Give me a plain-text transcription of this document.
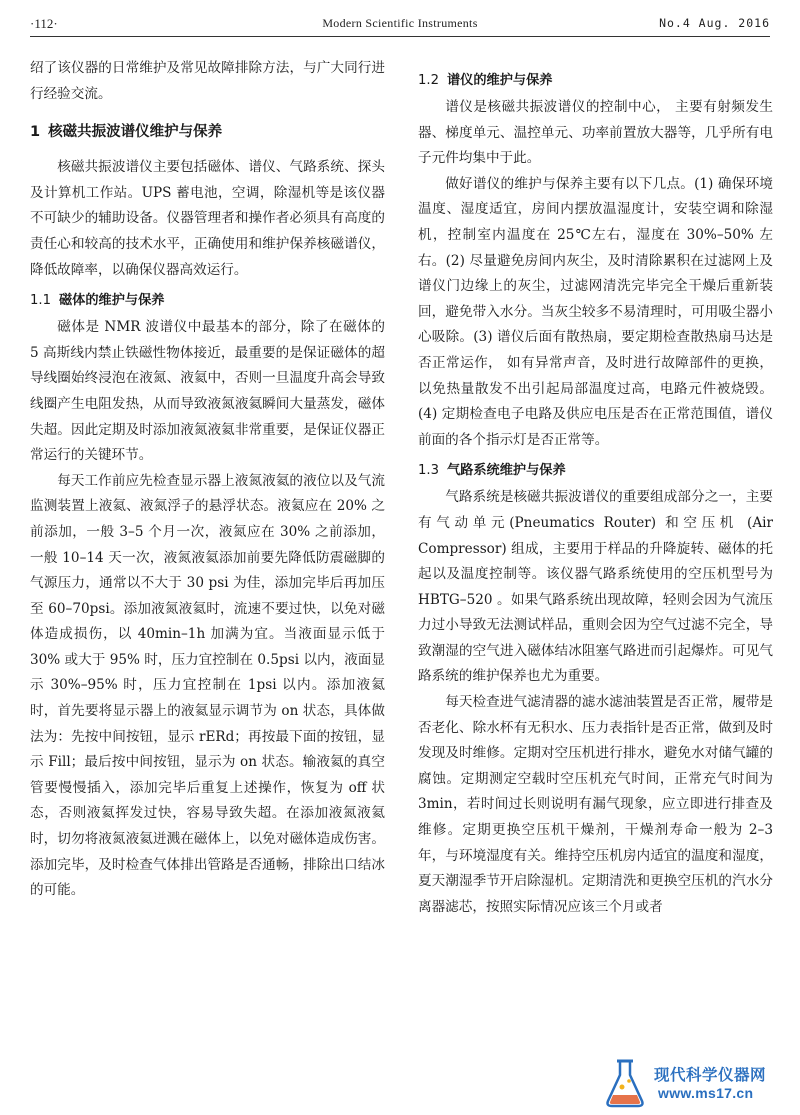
·112·	Modern Scientific Instruments	No.4 Aug. 2016

绍了该仪器的日常维护及常见故障排除方法，与广大同行进行经验交流。

1 核磁共振波谱仪维护与保养

核磁共振波谱仪主要包括磁体、谱仪、气路系统、探头及计算机工作站。UPS 蓄电池，空调，除湿机等是该仪器不可缺少的辅助设备。仪器管理者和操作者必须具有高度的责任心和较高的技术水平，正确使用和维护保养核磁谱仪，降低故障率，以确保仪器高效运行。

1.1 磁体的维护与保养

磁体是 NMR 波谱仪中最基本的部分，除了在磁体的 5 高斯线内禁止铁磁性物体接近，最重要的是保证磁体的超导线圈始终浸泡在液氮、液氦中，否则一旦温度升高会导致线圈产生电阻发热，从而导致液氮液氦瞬间大量蒸发，磁体失超。因此定期及时添加液氮液氦非常重要，是保证仪器正常运行的关键环节。

每天工作前应先检查显示器上液氮液氦的液位以及气流监测装置上液氦、液氮浮子的悬浮状态。液氦应在 20% 之前添加，一般 3–5 个月一次，液氮应在 30% 之前添加，一般 10–14 天一次，液氮液氦添加前要先降低防震磁脚的气源压力，通常以不大于 30 psi 为佳，添加完毕后再加压至 60–70psi。添加液氮液氦时，流速不要过快，以免对磁体造成损伤，以 40min–1h 加满为宜。当液面显示低于 30% 或大于 95% 时，压力宜控制在 0.5psi 以内，液面显示 30%–95% 时，压力宜控制在 1psi 以内。添加液氦时，首先要将显示器上的液氦显示调节为 on 状态，具体做法为：先按中间按钮，显示 rERd；再按最下面的按钮，显示 Fill；最后按中间按钮，显示为 on 状态。输液氦的真空管要慢慢插入，添加完毕后重复上述操作，恢复为 off 状态，否则液氦挥发过快，容易导致失超。在添加液氮液氦时，切勿将液氮液氦迸溅在磁体上，以免对磁体造成伤害。添加完毕，及时检查气体排出管路是否通畅，排除出口结冰的可能。

1.2 谱仪的维护与保养

谱仪是核磁共振波谱仪的控制中心， 主要有射频发生器、梯度单元、温控单元、功率前置放大器等，几乎所有电子元件均集中于此。

做好谱仪的维护与保养主要有以下几点。(1) 确保环境温度、湿度适宜，房间内摆放温湿度计，安装空调和除湿机，控制室内温度在 25℃左右，湿度在 30%–50% 左右。(2) 尽量避免房间内灰尘，及时清除累积在过滤网上及谱仪门边缘上的灰尘，过滤网清洗完毕完全干燥后重新装回，避免带入水分。当灰尘较多不易清理时，可用吸尘器小心吸除。(3) 谱仪后面有散热扇，要定期检查散热扇马达是否正常运作， 如有异常声音，及时进行故障部件的更换，以免热量散发不出引起局部温度过高，电路元件被烧毁。(4) 定期检查电子电路及供应电压是否在正常范围值，谱仪前面的各个指示灯是否正常等。

1.3 气路系统维护与保养

气路系统是核磁共振波谱仪的重要组成部分之一，主要有气动单元(Pneumatics Router) 和空压机 (Air Compressor) 组成，主要用于样品的升降旋转、磁体的托起以及温度控制等。该仪器气路系统使用的空压机型号为 HBTG–520 。如果气路系统出现故障，轻则会因为气流压力过小导致无法测试样品，重则会因为空气过滤不完全，导致潮湿的空气进入磁体结冰阻塞气路进而引起爆炸。可见气路系统的维护保养也尤为重要。

每天检查进气滤清器的滤水滤油装置是否正常，履带是否老化、除水杯有无积水、压力表指针是否正常，做到及时发现及时维修。定期对空压机进行排水，避免水对储气罐的腐蚀。定期测定空载时空压机充气时间，正常充气时间为 3min，若时间过长则说明有漏气现象，应立即进行排查及维修。定期更换空压机干燥剂，干燥剂寿命一般为 2–3 年，与环境湿度有关。维持空压机房内适宜的温度和湿度，夏天潮湿季节开启除湿机。定期清洗和更换空压机的汽水分离器滤芯，按照实际情况应该三个月或者

现代科学仪器网
www.ms17.cn
